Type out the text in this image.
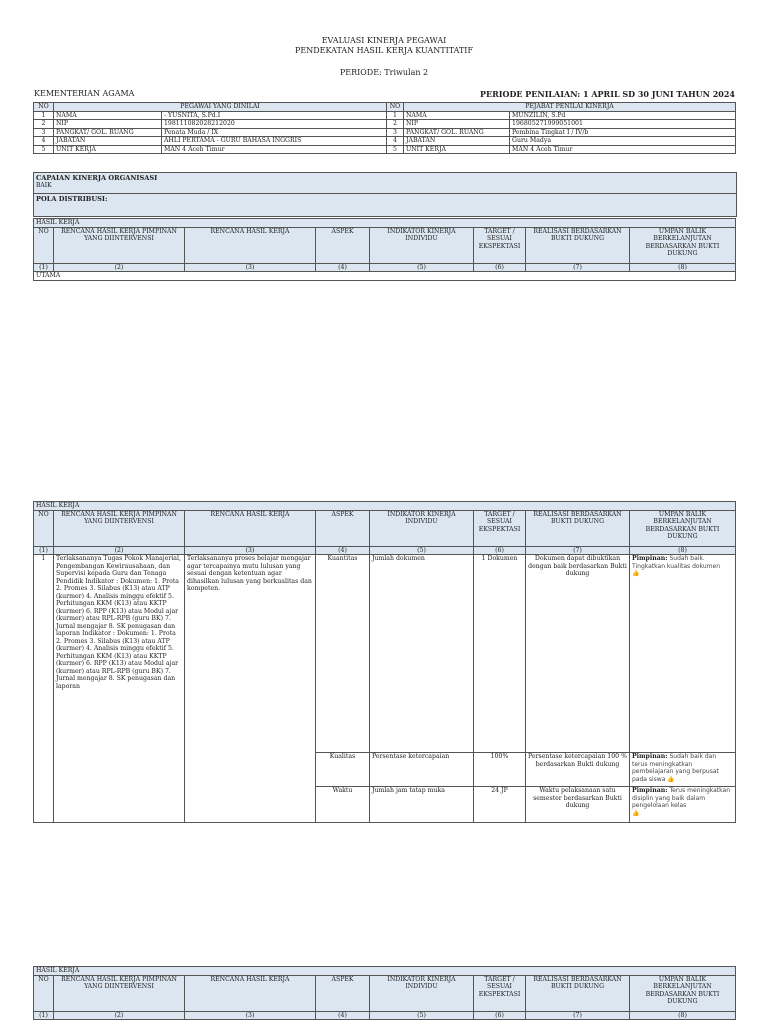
EVALUASI KINERJA PEGAWAI
PENDEKATAN HASIL KERJA KUANTITATIF
PERIODE: Triwulan 2
KEMENTERIAN AGAMA	PERIODE PENILAIAN: 1 APRIL SD 30 JUNI TAHUN 2024
NO	PEGAWAI YANG DINILAI		NO	PEJABAT PENILAI KINERJA	
1	NAMA	- YUSNITA, S.Pd.I	1	NAMA	MUNZILIN, S.Pd
2	NIP	198111082028212020	2	NIP	196805271999051001
3	PANGKAT/ GOL. RUANG	Penata Muda / IX	3	PANGKAT/ GOL. RUANG	Pembina Tingkat I / IV/b
4	JABATAN	AHLI PERTAMA - GURU BAHASA INGGRIS	4	JABATAN	Guru Madya
5	UNIT KERJA	MAN 4 Aceh Timur	5	UNIT KERJA	MAN 4 Aceh Timur
CAPAIAN KINERJA ORGANISASI
BAIK
POLA DISTRIBUSI:
HASIL KERJA							
NO	RENCANA HASIL KERJA PIMPINAN YANG DIINTERVENSI	RENCANA HASIL KERJA	ASPEK	INDIKATOR KINERJA INDIVIDU	TARGET / SESUAI EKSPEKTASI	REALISASI BERDASARKAN BUKTI DUKUNG	UMPAN BALIK BERKELANJUTAN BERDASARKAN BUKTI DUKUNG
(1)	(2)	(3)	(4)	(5)	(6)	(7)	(8)
UTAMA							
HASIL KERJA							
NO	RENCANA HASIL KERJA PIMPINAN YANG DIINTERVENSI	RENCANA HASIL KERJA	ASPEK	INDIKATOR KINERJA INDIVIDU	TARGET / SESUAI EKSPEKTASI	REALISASI BERDASARKAN BUKTI DUKUNG	UMPAN BALIK BERKELANJUTAN BERDASARKAN BUKTI DUKUNG
(1)	(2)	(3)	(4)	(5)	(6)	(7)	(8)
1	Terlaksananya Tugas Pokok Manajerial, Pengembangan Kewirausahaan, dan Supervisi kepada Guru dan Tenaga Pendidik Indikator : Dokumen: 1. Prota 2. Promes 3. Silabus (K13) atau ATP (kurmer) 4. Analisis minggu efektif 5. Perhitungan KKM (K13) atau KKTP (kurmer) 6. RPP (K13) atau Modul ajar (kurmer) atau RPL-RPB (guru BK) 7. Jurnal mengajar 8. SK penugasan dan laporan Indikator : Dokumen: 1. Prota 2. Promes 3. Silabus (K13) atau ATP (kurmer) 4. Analisis minggu efektif 5. Perhitungan KKM (K13) atau KKTP (kurmer) 6. RPP (K13) atau Modul ajar (kurmer) atau RPL-RPB (guru BK) 7. Jurnal mengajar 8. SK penugasan dan laporan	Terlaksananya proses belajar mengajar agar tercapainya mutu lulusan yang sesuai dengan ketentuan agar dihasilkan lulusan yang berkualitas dan kompeten.	Kuantitas	Jumlah dokumen	1 Dokumen	Dokumen dapat dibuktikan dengan baik berdasarkan Bukti dukung	Pimpinan: Sudah baik. Tingkatkan kualitas dokumen
👍

			Kualitas	Persentase ketercapaian	100%	Persentase ketercapaian 100 % berdasarkan Bukti dukung	Pimpinan: Sudah baik dan terus meningkatkan pembelajaran yang berpusat pada siswa 👍
			Waktu	Jumlah jam tatap muka	24 JP	Waktu pelaksanaan satu semester berdasarkan Bukti dukung	Pimpinan: Terus meningkatkan disiplin yang baik dalam pengelolaan kelas
👍
HASIL KERJA							
NO	RENCANA HASIL KERJA PIMPINAN YANG DIINTERVENSI	RENCANA HASIL KERJA	ASPEK	INDIKATOR KINERJA INDIVIDU	TARGET / SESUAI EKSPEKTASI	REALISASI BERDASARKAN BUKTI DUKUNG	UMPAN BALIK BERKELANJUTAN BERDASARKAN BUKTI DUKUNG
(1)	(2)	(3)	(4)	(5)	(6)	(7)	(8)
